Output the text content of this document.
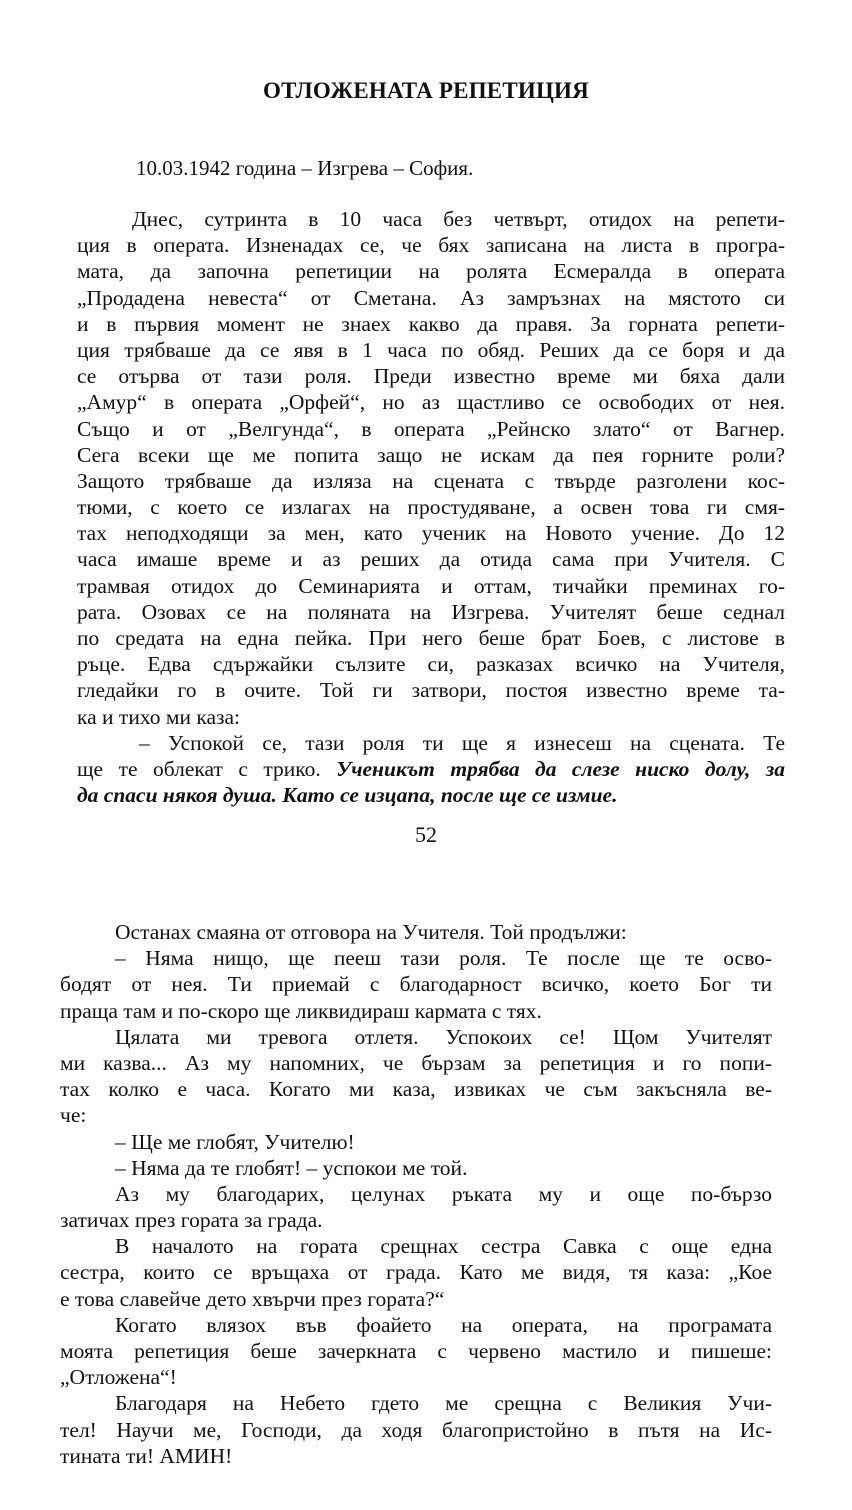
ОТЛОЖЕНАТА РЕПЕТИЦИЯ
10.03.1942 година – Изгрева – София.
Днес, сутринта в 10 часа без четвърт, отидох на репети-
ция в операта. Изненадах се, че бях записана на листа в програ-
мата, да започна репетиции на ролята Есмералда в операта
„Продадена невеста“ от Сметана. Аз замръзнах на мястото си
и в първия момент не знаех какво да правя. За горната репети-
ция трябваше да се явя в 1 часа по обяд. Реших да се боря и да
се отърва от тази роля. Преди известно време ми бяха дали
„Амур“ в операта „Орфей“, но аз щастливо се освободих от нея.
Също и от „Велгунда“, в операта „Рейнско злато“ от Вагнер.
Сега всеки ще ме попита защо не искам да пея горните роли?
Защото трябваше да изляза на сцената с твърде разголени кос-
тюми, с което се излагах на простудяване, а освен това ги смя-
тах неподходящи за мен, като ученик на Новото учение. До 12
часа имаше време и аз реших да отида сама при Учителя. С
трамвая отидох до Семинарията и оттам, тичайки преминах го-
рата. Озовах се на поляната на Изгрева. Учителят беше седнал
по средата на една пейка. При него беше брат Боев, с листове в
ръце. Едва сдържайки сълзите си, разказах всичко на Учителя,
гледайки го в очите. Той ги затвори, постоя известно време та-
ка и тихо ми каза:
– Успокой се, тази роля ти ще я изнесеш на сцената. Те
ще те облекат с трико. Ученикът трябва да слезе ниско долу, за
да спаси някоя душа. Като се изцапа, после ще се измие.
52
Останах смаяна от отговора на Учителя. Той продължи:
– Няма нищо, ще пееш тази роля. Те после ще те осво-
бодят от нея. Ти приемай с благодарност всичко, което Бог ти
праща там и по-скоро ще ликвидираш кармата с тях.
Цялата ми тревога отлетя. Успокоих се! Щом Учителят
ми казва... Аз му напомних, че бързам за репетиция и го попи-
тах колко е часа. Когато ми каза, извиках че съм закъсняла ве-
че:
– Ще ме глобят, Учителю!
– Няма да те глобят! – успокои ме той.
Аз му благодарих, целунах ръката му и още по-бързо
затичах през гората за града.
В началото на гората срещнах сестра Савка с още една
сестра, които се връщаха от града. Като ме видя, тя каза: „Кое
е това славейче дето хвърчи през гората?“
Когато влязох във фоайето на операта, на програмата
моята репетиция беше зачеркната с червено мастило и пишеше:
„Отложена“!
Благодаря на Небето гдето ме срещна с Великия Учи-
тел! Научи ме, Господи, да ходя благопристойно в пътя на Ис-
тината ти! АМИН!
